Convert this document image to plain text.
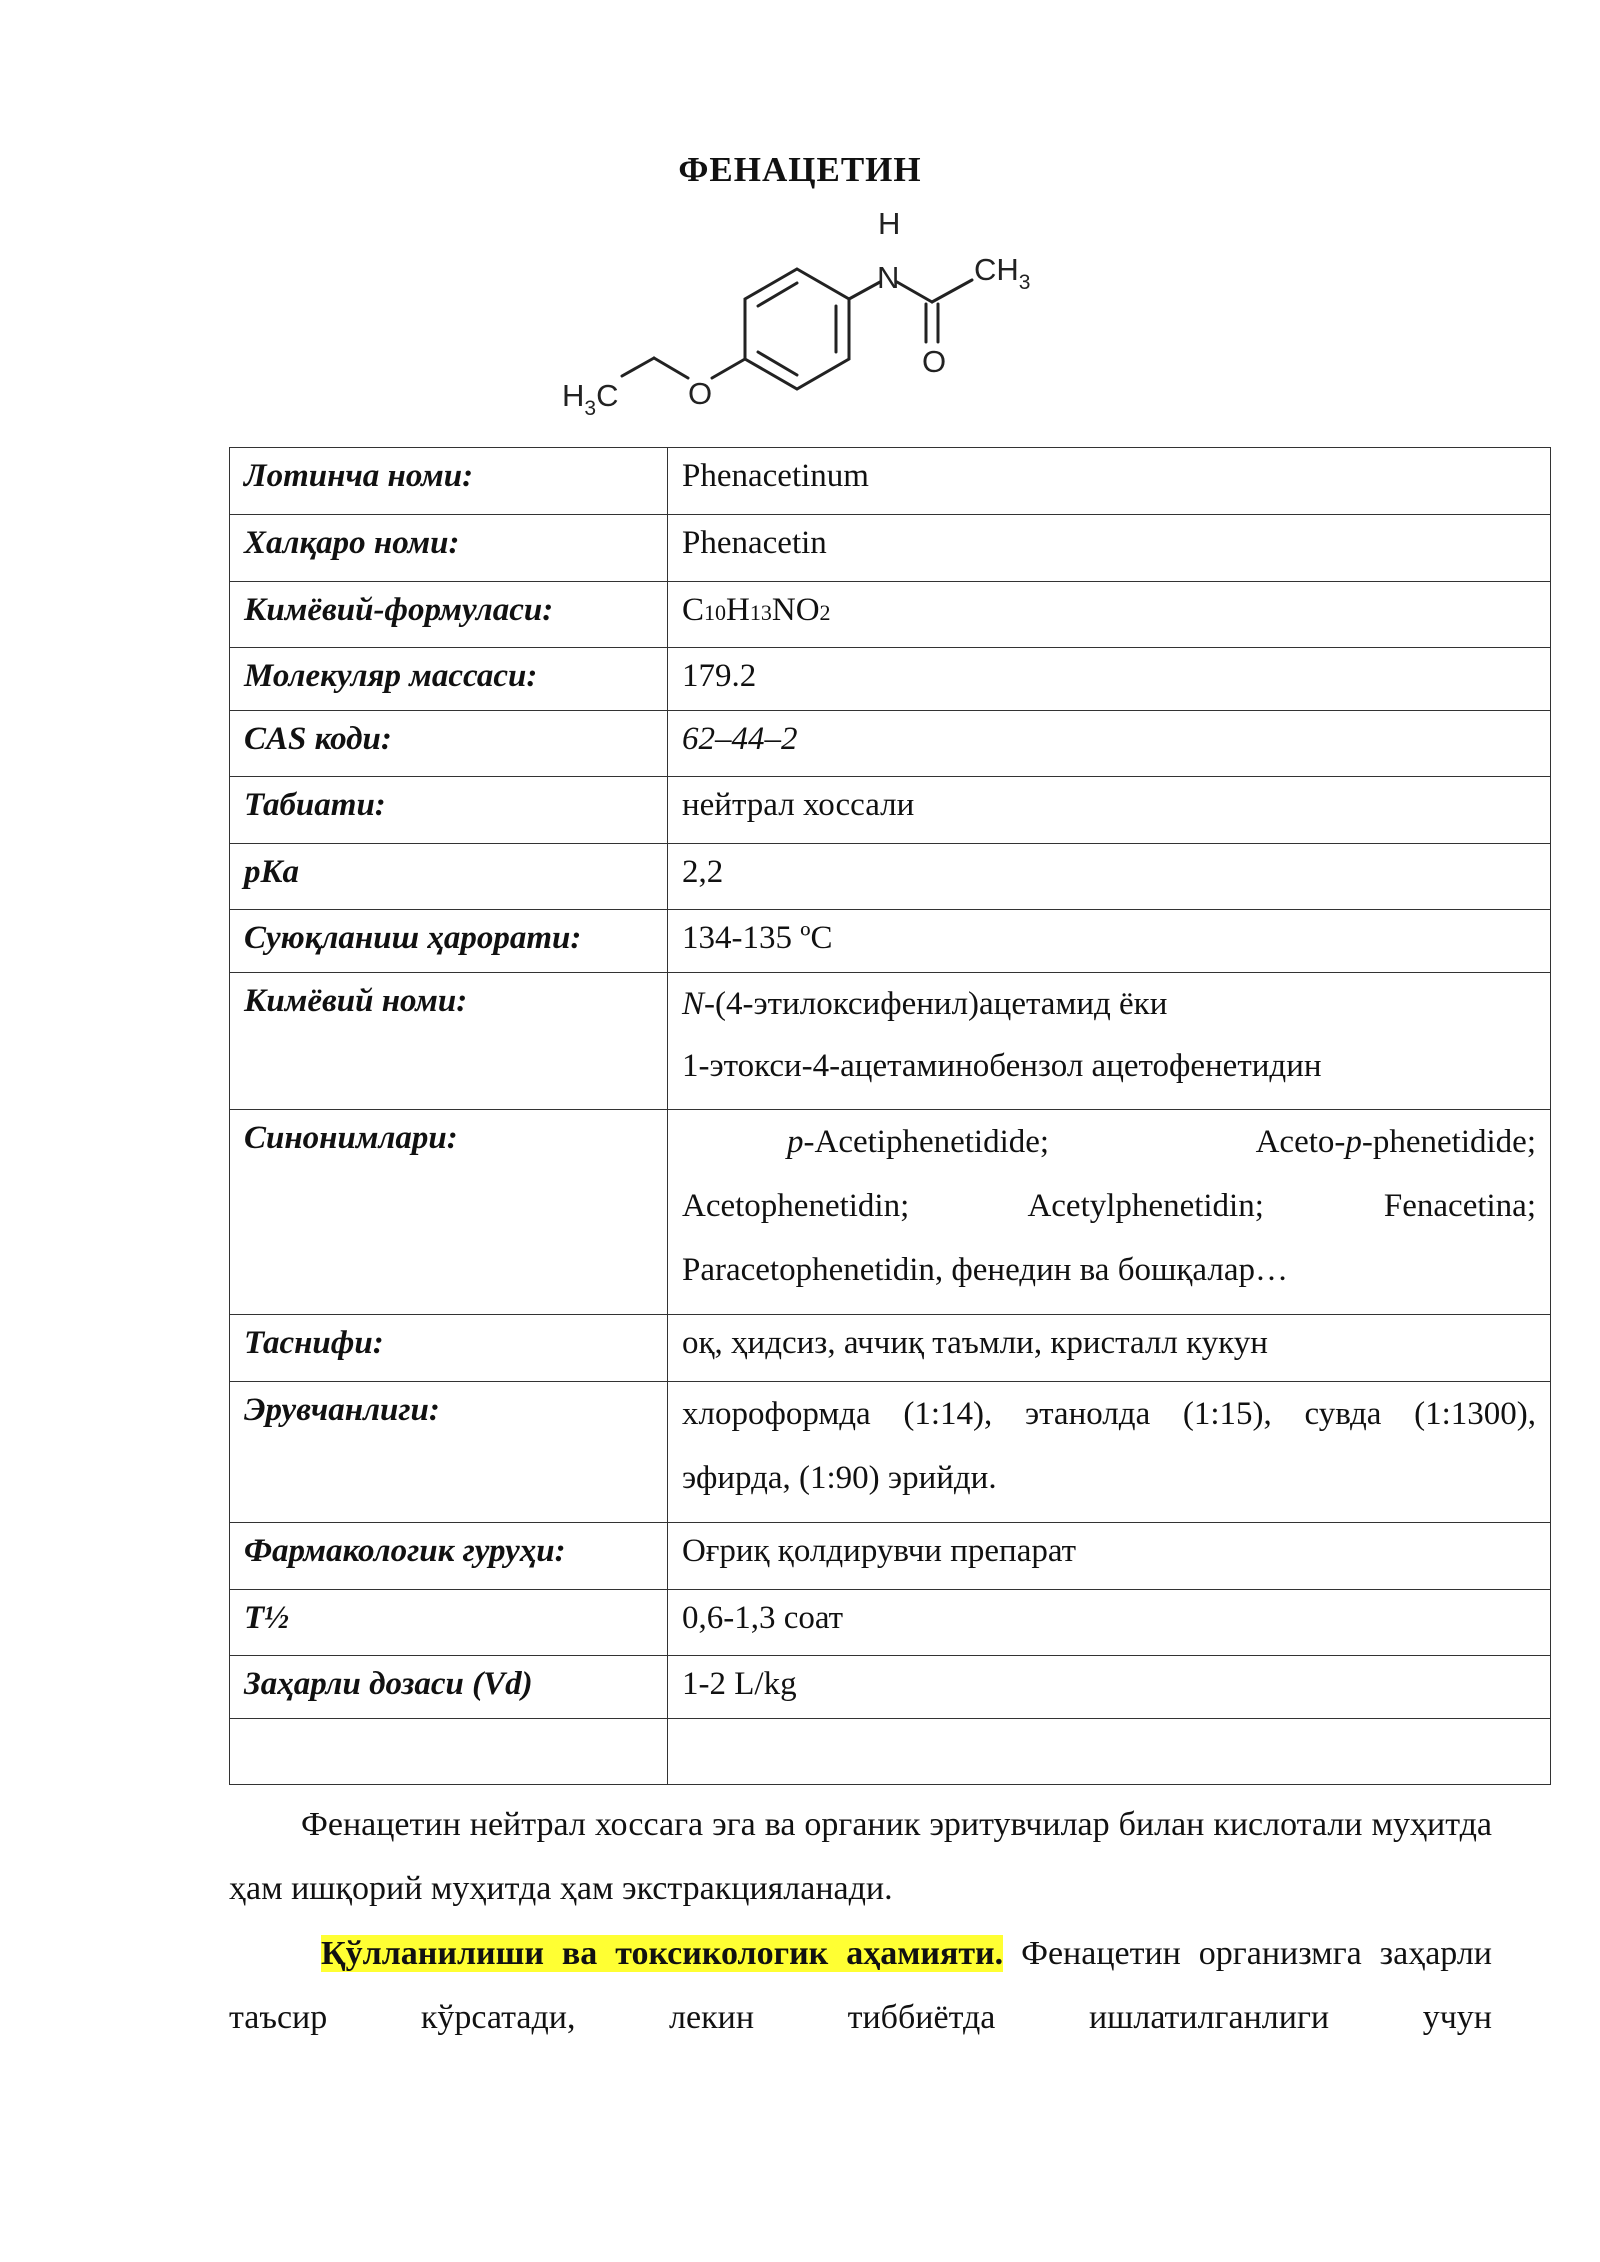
ФЕНАЦЕТИН
H
N $CH_3$
O
$H_3C$ O
Лотинча номи:	Phenacetinum
Халқаро номи:	Phenacetin
Кимёвий-формуласи:	C10H13NO2
Молекуляр массаси:	179.2
CAS коди:	62–44–2
Табиати:	нейтрал хоссали
pKa	2,2
Суюқланиш ҳарорати:	134-135 ºC
Кимёвий номи:	N-(4-этилоксифенил)ацетамид ёки
1-этокси-4-ацетаминобензол ацетофенетидин

Синонимлари:	p-Acetiphenetidide; Aceto-p-phenetidide;
Acetophenetidin; Acetylphenetidin; Fenacetina;
Paracetophenetidin, фенедин ва бошқалар…

Таснифи:	оқ, ҳидсиз, аччиқ таъмли, кристалл кукун
Эрувчанлиги:	хлороформда (1:14), этанолда (1:15), сувда (1:1300),
эфирда, (1:90) эрийди.

Фармакологик гуруҳи:	Оғриқ қолдирувчи препарат
T½	0,6-1,3 соат
Заҳарли дозаси (Vd)	1-2 L/kg

Фенацетин нейтрал хоссага эга ва органик эритувчилар билан кислотали муҳитда ҳам ишқорий муҳитда ҳам экстракцияланади.

Қўлланилиши ва токсикологик аҳамияти. Фенацетин организмга заҳарли таъсир кўрсатади, лекин тиббиётда ишлатилганлиги учун
